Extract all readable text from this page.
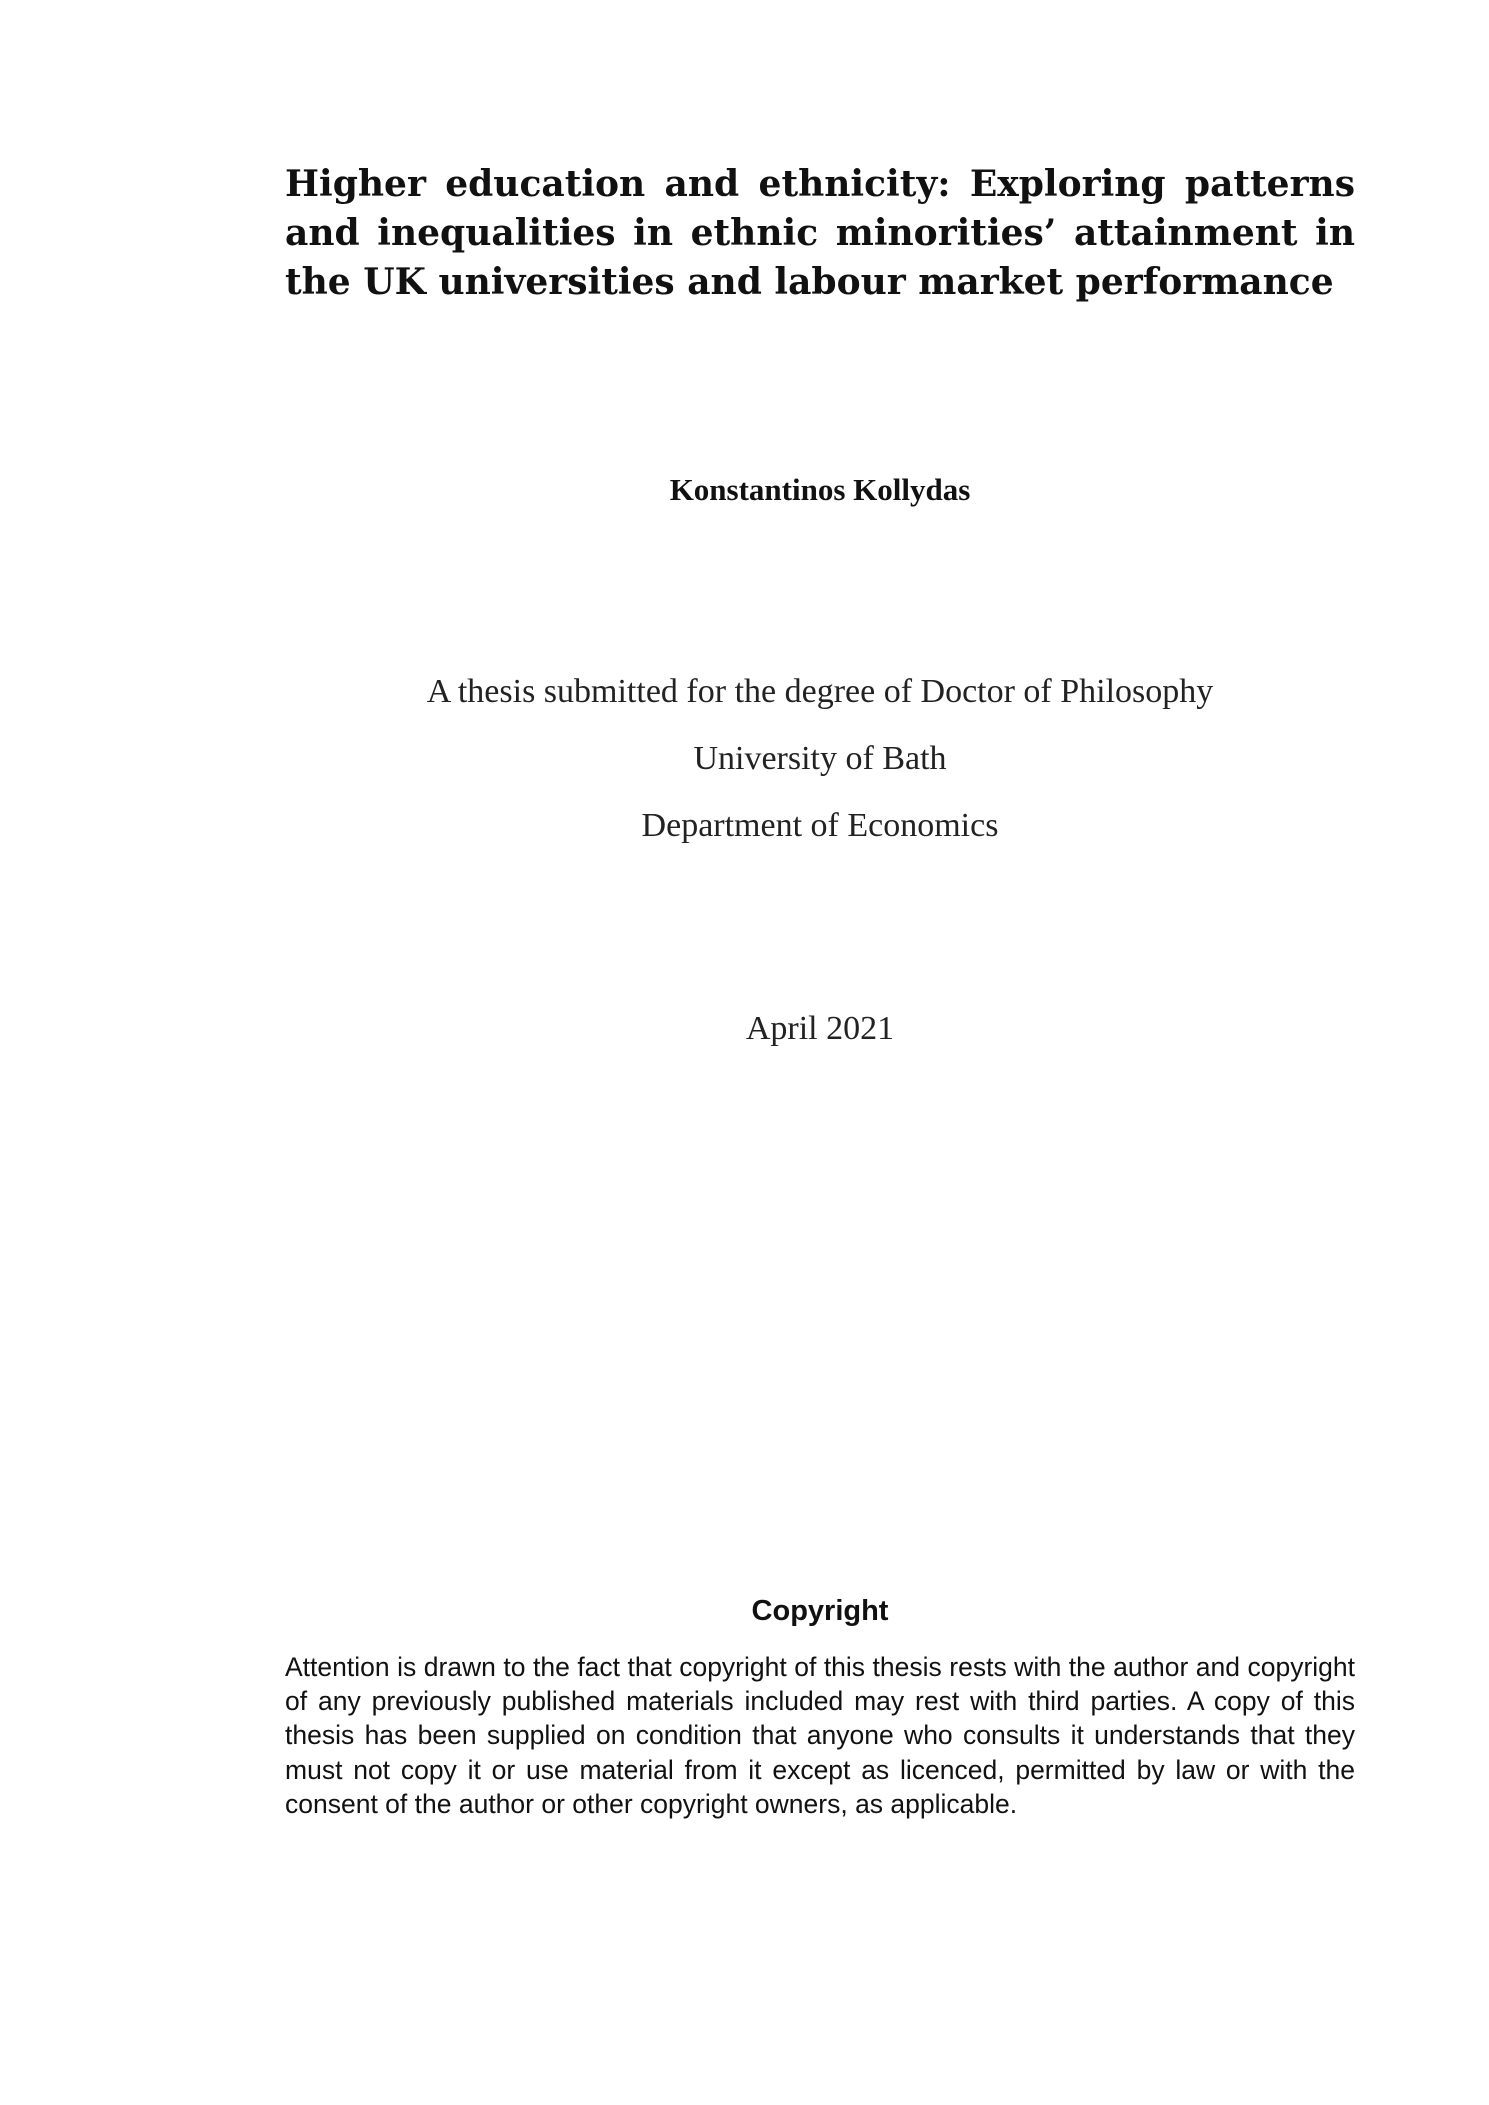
Higher education and ethnicity: Exploring patterns and inequalities in ethnic minorities’ attainment in the UK universities and labour market performance

Konstantinos Kollydas

A thesis submitted for the degree of Doctor of Philosophy
University of Bath
Department of Economics
April 2021
Copyright

Attention is drawn to the fact that copyright of this thesis rests with the author and copyright of any previously published materials included may rest with third parties. A copy of this thesis has been supplied on condition that anyone who consults it understands that they must not copy it or use material from it except as licenced, permitted by law or with the consent of the author or other copyright owners, as applicable.
